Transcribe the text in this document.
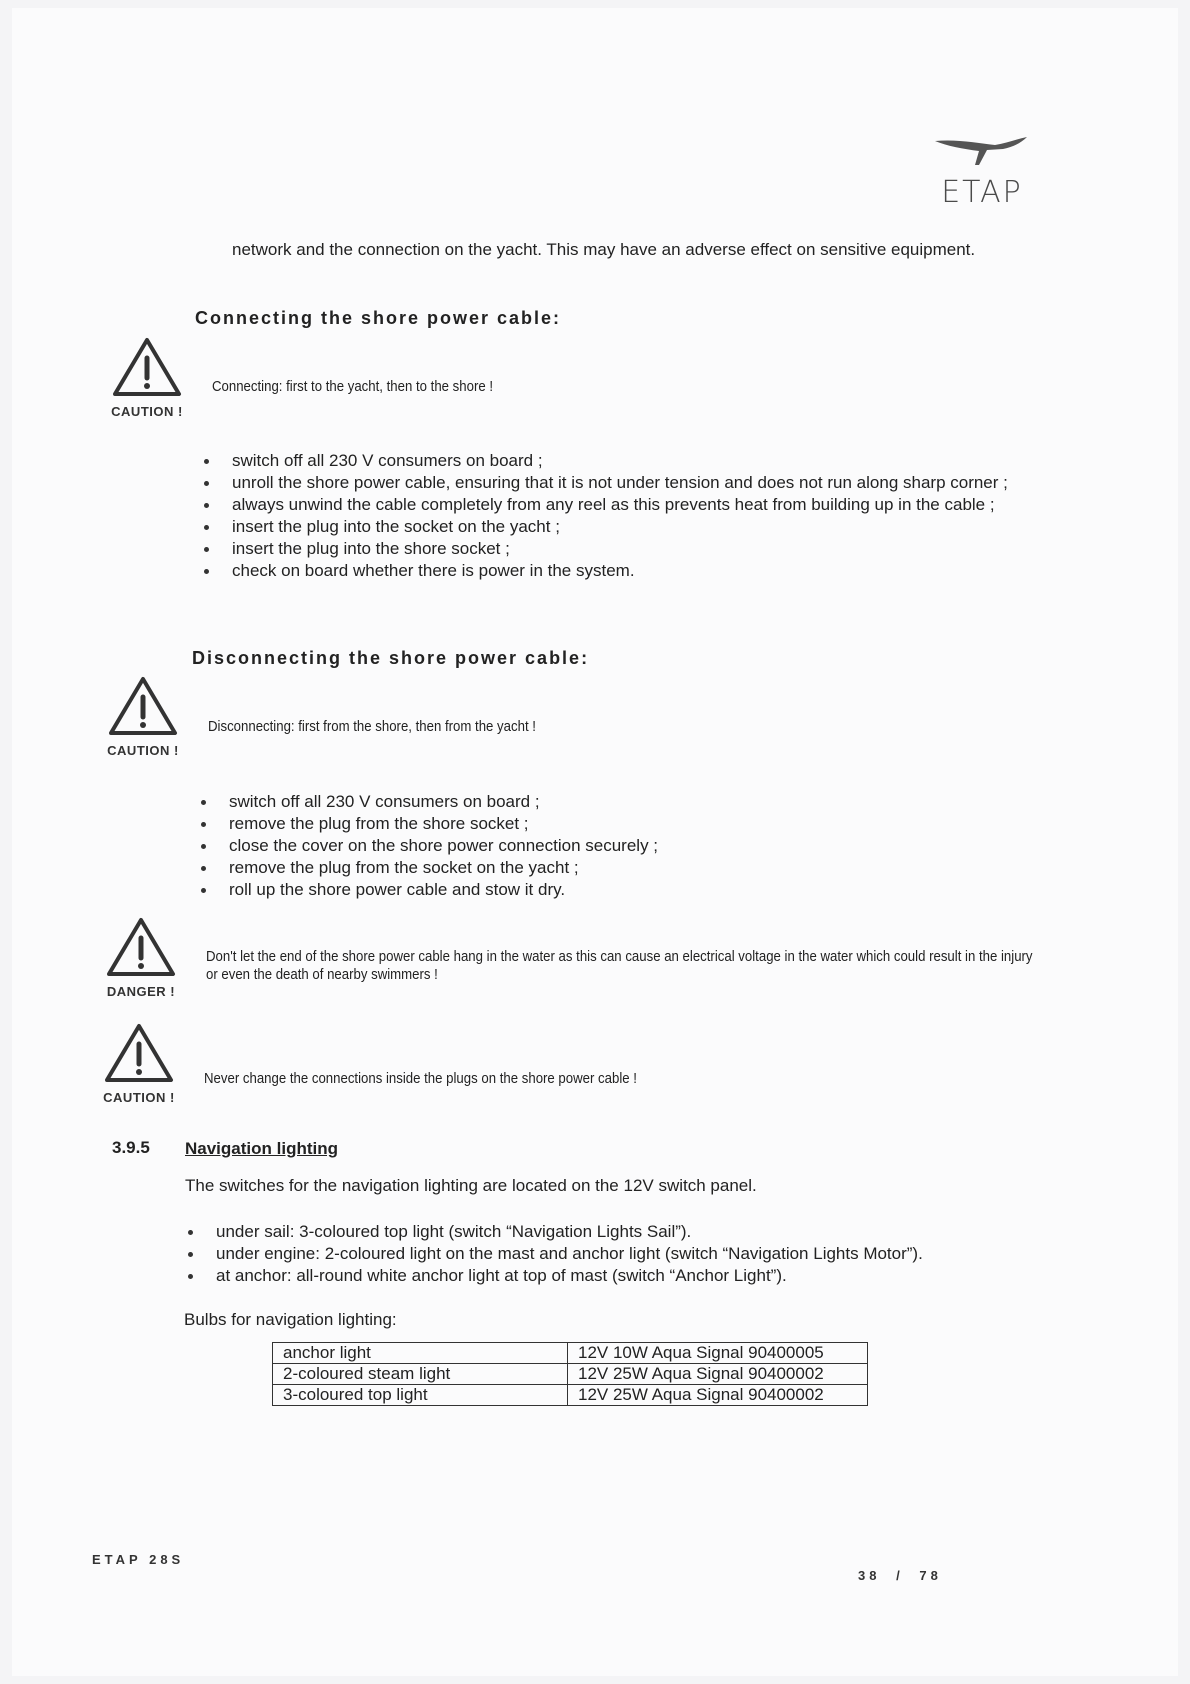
ETAP

network and the connection on the yacht. This may have an adverse effect on sensitive equipment.

Connecting the shore power cable:
CAUTION !
Connecting: first to the yacht, then to the shore !
switch off all 230 V consumers on board ;
unroll the shore power cable, ensuring that it is not under tension and does not run along sharp corner ;
always unwind the cable completely from any reel as this prevents heat from building up in the cable ;
insert the plug into the socket on the yacht ;
insert the plug into the shore socket ;
check on board whether there is power in the system.
Disconnecting the shore power cable:
CAUTION !
Disconnecting: first from the shore, then from the yacht !
switch off all 230 V consumers on board ;
remove the plug from the shore socket ;
close the cover on the shore power connection securely ;
remove the plug from the socket on the yacht ;
roll up the shore power cable and stow it dry.
DANGER !
Don't let the end of the shore power cable hang in the water as this can cause an electrical voltage in the water which could result in the injury or even the death of nearby swimmers !
CAUTION !
Never change the connections inside the plugs on the shore power cable !
3.9.5 Navigation lighting

The switches for the navigation lighting are located on the 12V switch panel.

under sail: 3-coloured top light (switch “Navigation Lights Sail”).
under engine: 2-coloured light on the mast and anchor light (switch “Navigation Lights Motor”).
at anchor: all-round white anchor light at top of mast (switch “Anchor Light”).

Bulbs for navigation lighting:

anchor light	12V 10W Aqua Signal 90400005
2-coloured steam light	12V 25W Aqua Signal 90400002
3-coloured top light	12V 25W Aqua Signal 90400002
ETAP 28S
38 / 78
